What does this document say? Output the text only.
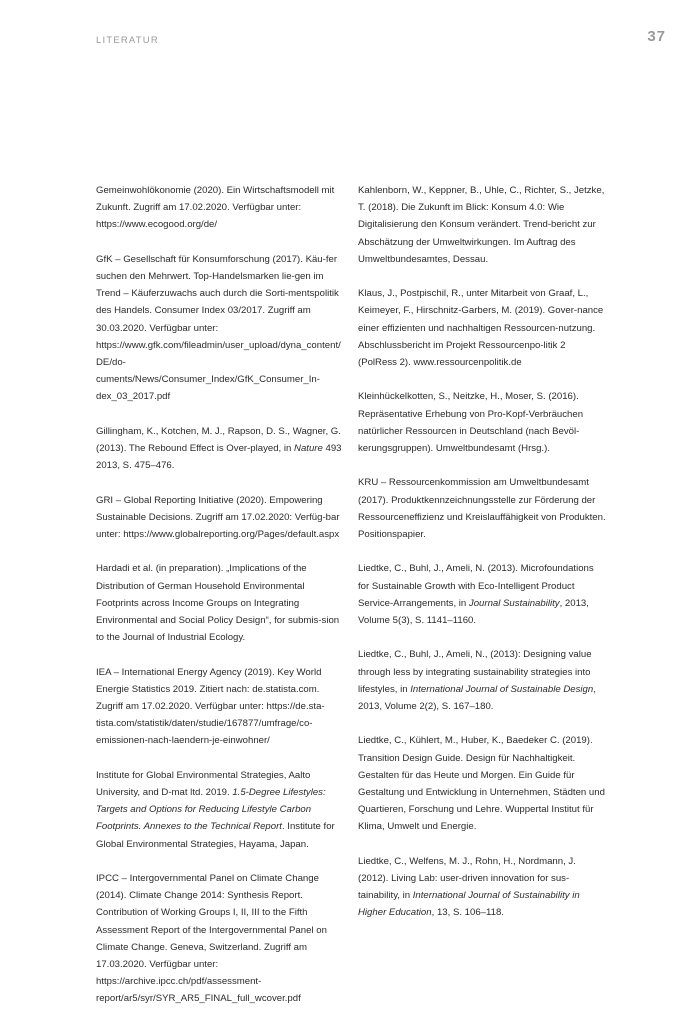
LITERATUR	37

Gemeinwohlökonomie (2020). Ein Wirtschaftsmodell mit Zukunft. Zugriff am 17.02.2020. Verfügbar unter: https://www.ecogood.org/de/

GfK – Gesellschaft für Konsumforschung (2017). Käu-fer suchen den Mehrwert. Top-Handelsmarken lie-gen im Trend – Käuferzuwachs auch durch die Sorti-mentspolitik des Handels. Consumer Index 03/2017. Zugriff am 30.03.2020. Verfügbar unter: https://www.gfk.com/fileadmin/user_upload/dyna_content/DE/do-cuments/News/Consumer_Index/GfK_Consumer_In-dex_03_2017.pdf

Gillingham, K., Kotchen, M. J., Rapson, D. S., Wagner, G. (2013). The Rebound Effect is Over-played, in Nature 493 2013, S. 475–476.

GRI – Global Reporting Initiative (2020). Empowering Sustainable Decisions. Zugriff am 17.02.2020: Verfüg-bar unter: https://www.globalreporting.org/Pages/default.aspx

Hardadi et al. (in preparation). „Implications of the Distribution of German Household Environmental Footprints across Income Groups on Integrating Environmental and Social Policy Design“, for submis-sion to the Journal of Industrial Ecology.

IEA – International Energy Agency (2019). Key World Energie Statistics 2019. Zitiert nach: de.statista.com. Zugriff am 17.02.2020. Verfügbar unter: https://de.sta-tista.com/statistik/daten/studie/167877/umfrage/co-emissionen-nach-laendern-je-einwohner/

Institute for Global Environmental Strategies, Aalto University, and D-mat ltd. 2019. 1.5-Degree Lifestyles: Targets and Options for Reducing Lifestyle Carbon Footprints. Annexes to the Technical Report. Institute for Global Environmental Strategies, Hayama, Japan.

IPCC – Intergovernmental Panel on Climate Change (2014). Climate Change 2014: Synthesis Report. Contribution of Working Groups I, II, III to the Fifth Assessment Report of the Intergovernmental Panel on Climate Change. Geneva, Switzerland. Zugriff am 17.03.2020. Verfügbar unter: https://archive.ipcc.ch/pdf/assessment-report/ar5/syr/SYR_AR5_FINAL_full_wcover.pdf

Kahlenborn, W., Keppner, B., Uhle, C., Richter, S., Jetzke, T. (2018). Die Zukunft im Blick: Konsum 4.0: Wie Digitalisierung den Konsum verändert. Trend-bericht zur Abschätzung der Umweltwirkungen. Im Auftrag des Umweltbundesamtes, Dessau.

Klaus, J., Postpischil, R., unter Mitarbeit von Graaf, L., Keimeyer, F., Hirschnitz-Garbers, M. (2019). Gover-nance einer effizienten und nachhaltigen Ressourcen-nutzung. Abschlussbericht im Projekt Ressourcenpo-litik 2 (PolRess 2). www.ressourcenpolitik.de

Kleinhückelkotten, S., Neitzke, H., Moser, S. (2016). Repräsentative Erhebung von Pro-Kopf-Verbräuchen natürlicher Ressourcen in Deutschland (nach Bevöl-kerungsgruppen). Umweltbundesamt (Hrsg.).

KRU – Ressourcenkommission am Umweltbundesamt (2017). Produktkennzeichnungsstelle zur Förderung der Ressourceneffizienz und Kreislauffähigkeit von Produkten. Positionspapier.

Liedtke, C., Buhl, J., Ameli, N. (2013). Microfoundations for Sustainable Growth with Eco-Intelligent Product Service-Arrangements, in Journal Sustainability, 2013, Volume 5(3), S. 1141–1160.

Liedtke, C., Buhl, J., Ameli, N., (2013): Designing value through less by integrating sustainability strategies into lifestyles, in International Journal of Sustainable Design, 2013, Volume 2(2), S. 167–180.

Liedtke, C., Kühlert, M., Huber, K., Baedeker C. (2019). Transition Design Guide. Design für Nachhaltigkeit. Gestalten für das Heute und Morgen. Ein Guide für Gestaltung und Entwicklung in Unternehmen, Städten und Quartieren, Forschung und Lehre. Wuppertal Institut für Klima, Umwelt und Energie.

Liedtke, C., Welfens, M. J., Rohn, H., Nordmann, J. (2012). Living Lab: user-driven innovation for sus-tainability, in International Journal of Sustainability in Higher Education, 13, S. 106–118.
